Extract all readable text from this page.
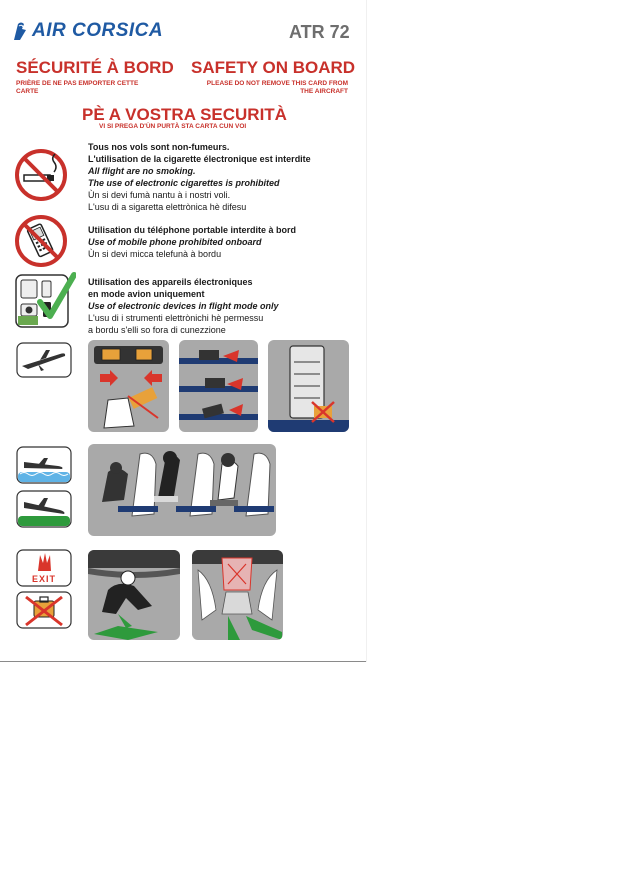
AIR CORSICA	ATR 72
SÉCURITÉ À BORD
PRIÈRE DE NE PAS EMPORTER CETTE CARTE
SAFETY ON BOARD
PLEASE DO NOT REMOVE THIS CARD FROM THE AIRCRAFT
PÈ A VOSTRA SECURITÀ
VI SI PREGA D'ÙN PURTÀ STA CARTA CUN VOI
Tous nos vols sont non-fumeurs.
L'utilisation de la cigarette électronique est interdite
All flight are no smoking.
The use of electronic cigarettes is prohibited
Ùn si devi fumà nantu à i nostri voli.
L'usu di a sigaretta elettrònica hè difesu
Utilisation du téléphone portable interdite à bord
Use of mobile phone prohibited onboard
Ùn si devi micca telefunà à bordu
Utilisation des appareils électroniques
en mode avion uniquement
Use of electronic devices in flight mode only
L'usu di i strumenti elettrònichi hè permessu
a bordu s'elli so fora di cunezzione
EXIT
